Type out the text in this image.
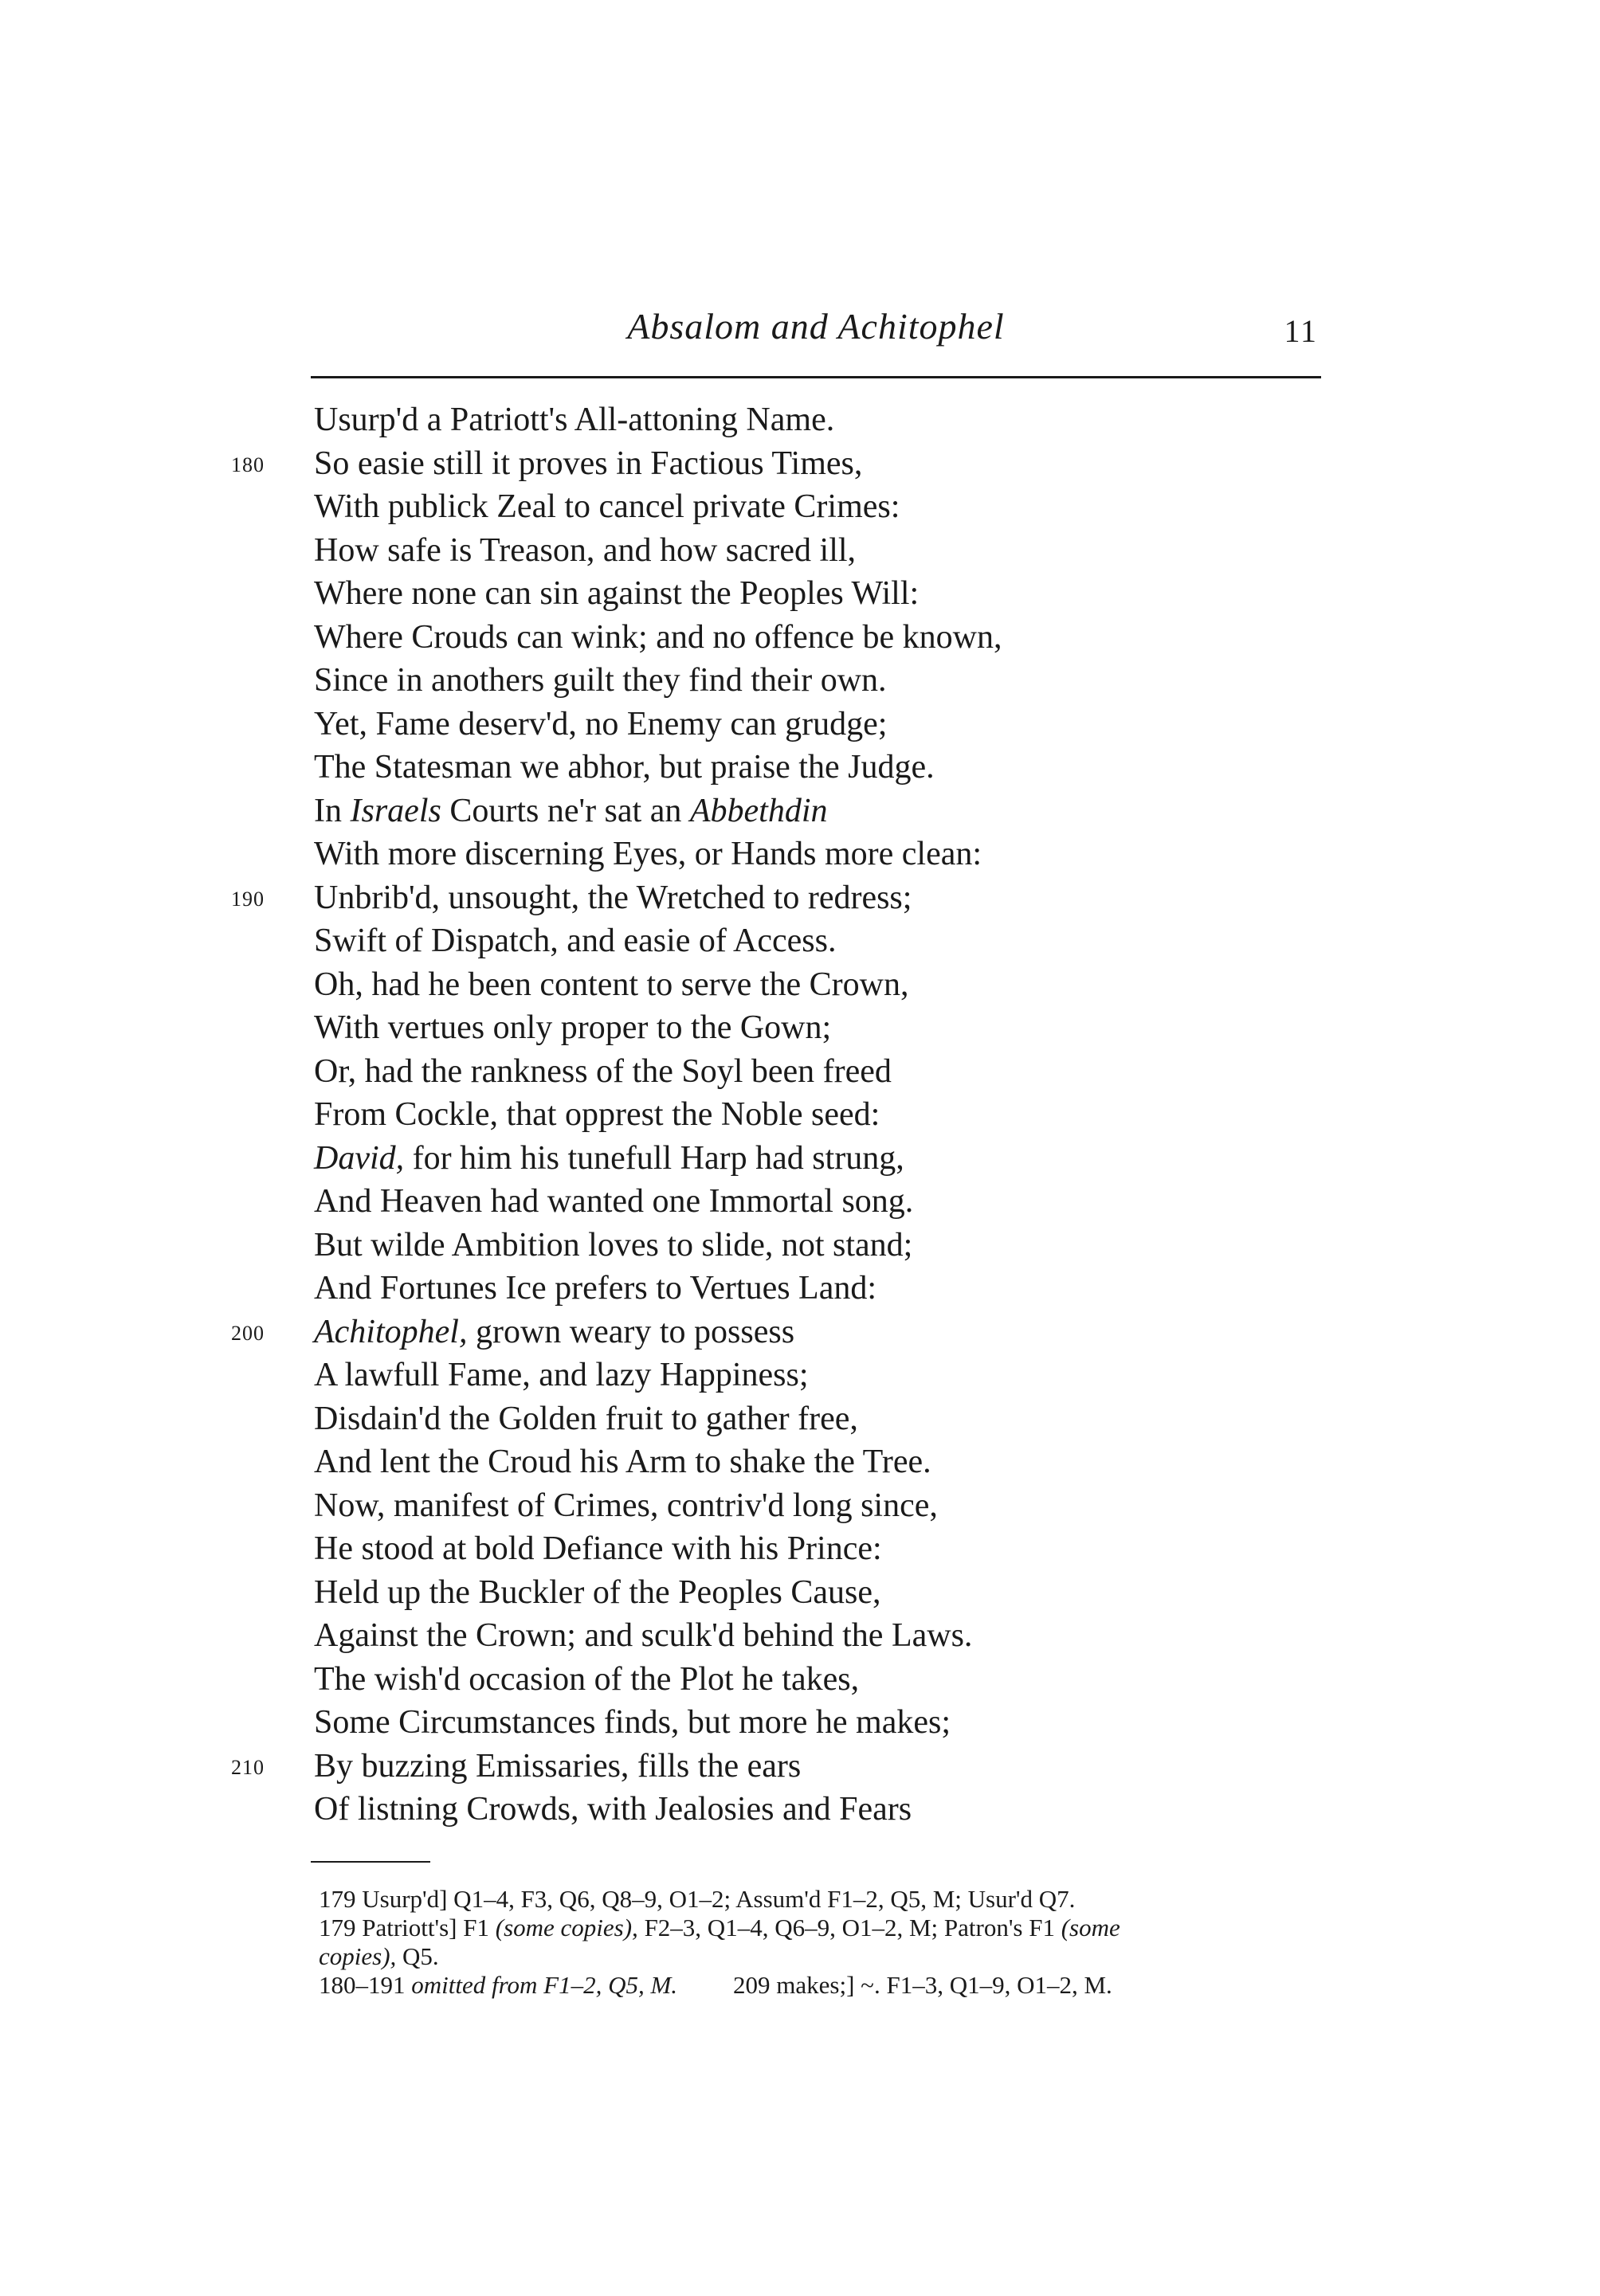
Absalom and Achitophel	11
Usurp'd a Patriott's All-attoning Name.
180	So easie still it proves in Factious Times,
With publick Zeal to cancel private Crimes:
How safe is Treason, and how sacred ill,
Where none can sin against the Peoples Will:
Where Crouds can wink; and no offence be known,
Since in anothers guilt they find their own.
Yet, Fame deserv'd, no Enemy can grudge;
The Statesman we abhor, but praise the Judge.
In Israels Courts ne'r sat an Abbethdin
With more discerning Eyes, or Hands more clean:
190	Unbrib'd, unsought, the Wretched to redress;
Swift of Dispatch, and easie of Access.
Oh, had he been content to serve the Crown,
With vertues only proper to the Gown;
Or, had the rankness of the Soyl been freed
From Cockle, that opprest the Noble seed:
David, for him his tunefull Harp had strung,
And Heaven had wanted one Immortal song.
But wilde Ambition loves to slide, not stand;
And Fortunes Ice prefers to Vertues Land:
200	Achitophel, grown weary to possess
A lawfull Fame, and lazy Happiness;
Disdain'd the Golden fruit to gather free,
And lent the Croud his Arm to shake the Tree.
Now, manifest of Crimes, contriv'd long since,
He stood at bold Defiance with his Prince:
Held up the Buckler of the Peoples Cause,
Against the Crown; and sculk'd behind the Laws.
The wish'd occasion of the Plot he takes,
Some Circumstances finds, but more he makes;
210	By buzzing Emissaries, fills the ears
Of listning Crowds, with Jealosies and Fears
179 Usurp'd] Q1–4, F3, Q6, Q8–9, O1–2; Assum'd F1–2, Q5, M; Usur'd Q7.
179 Patriott's] F1 (some copies), F2–3, Q1–4, Q6–9, O1–2, M; Patron's F1 (some
copies), Q5.
180–191 omitted from F1–2, Q5, M. 209 makes;] ~. F1–3, Q1–9, O1–2, M.
